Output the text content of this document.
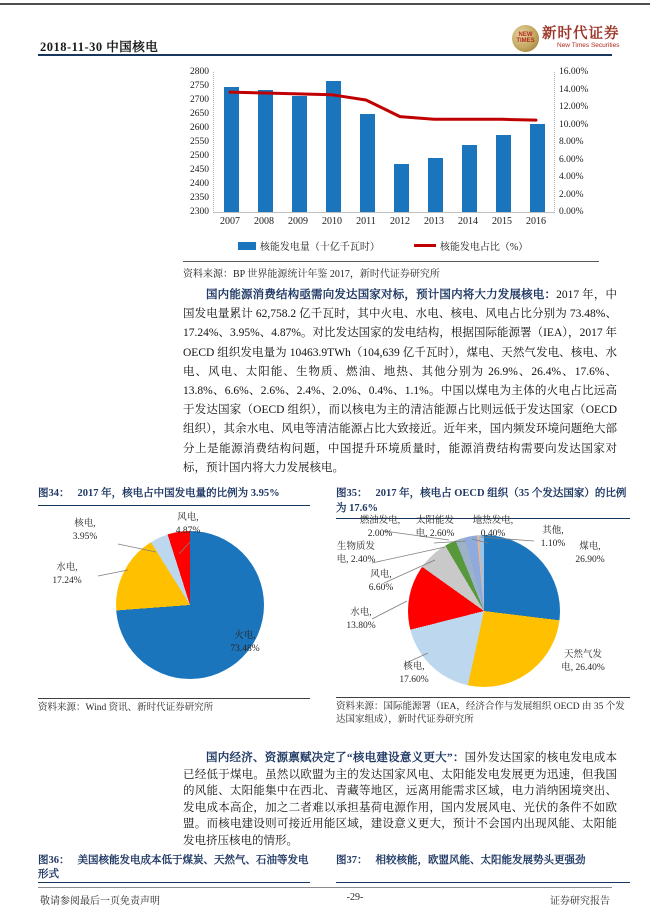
2018-11-30 中国核电
NEW
TIMES 新时代证券
New Times Securities
2800
2750
2700
2650
2600
2550
2500
2450
2400
2350
2300
16.00%
14.00%
12.00%
10.00%
8.00%
6.00%
4.00%
2.00%
0.00%
2007	2008	2009	2010	2011	2012	2013	2014	2015	2016
核能发电量（十亿千瓦时）	核能发电占比（%）
资料来源：BP 世界能源统计年鉴 2017，新时代证券研究所
国内能源消费结构亟需向发达国家对标，预计国内将大力发展核电：2017 年，中国发电量累计 62,758.2 亿千瓦时，其中火电、水电、核电、风电占比分别为 73.48%、17.24%、3.95%、4.87%。对比发达国家的发电结构，根据国际能源署（IEA），2017 年 OECD 组织发电量为 10463.9TWh（104,639 亿千瓦时），煤电、天然气发电、核电、水电、风电、太阳能、生物质、燃油、地热、其他分别为 26.9%、26.4%、17.6%、13.8%、6.6%、2.6%、2.4%、2.0%、0.4%、1.1%。中国以煤电为主体的火电占比远高于发达国家（OECD 组织），而以核电为主的清洁能源占比则远低于发达国家（OECD 组织），其余水电、风电等清洁能源占比大致接近。近年来，国内频发环境问题绝大部分上是能源消费结构问题，中国提升环境质量时，能源消费结构需要向发达国家对标，预计国内将大力发展核电。
图34： 2017 年，核电占中国发电量的比例为 3.95%
火电,
73.48%
水电,
17.24%
核电,
3.95%
风电,
4.87%
资料来源：Wind 资讯、新时代证券研究所
图35： 2017 年，核电占 OECD 组织（35 个发达国家）的比例为 17.6%
煤电,
26.90%
天然气发
电, 26.40%
核电,
17.60%
水电,
13.80%
风电,
6.60%
生物质发
电, 2.40%
燃油发电,
2.00%
太阳能发
电, 2.60%
地热发电,
0.40%	其他,
1.10%
资料来源：国际能源署（IEA，经济合作与发展组织 OECD 由 35 个发达国家组成），新时代证券研究所
国内经济、资源禀赋决定了“核电建设意义更大”：国外发达国家的核电发电成本已经低于煤电。虽然以欧盟为主的发达国家风电、太阳能发电发展更为迅速，但我国的风能、太阳能集中在西北、青藏等地区，远离用能需求区域，电力消纳困境突出、发电成本高企，加之二者难以承担基荷电源作用，国内发展风电、光伏的条件不如欧盟。而核电建设则可接近用能区域，建设意义更大，预计不会国内出现风能、太阳能发电挤压核电的情形。
图36： 美国核能发电成本低于煤炭、天然气、石油等发电形式
图37： 相较核能，欧盟风能、太阳能发展势头更强劲
敬请参阅最后一页免责声明	-29-	证券研究报告
